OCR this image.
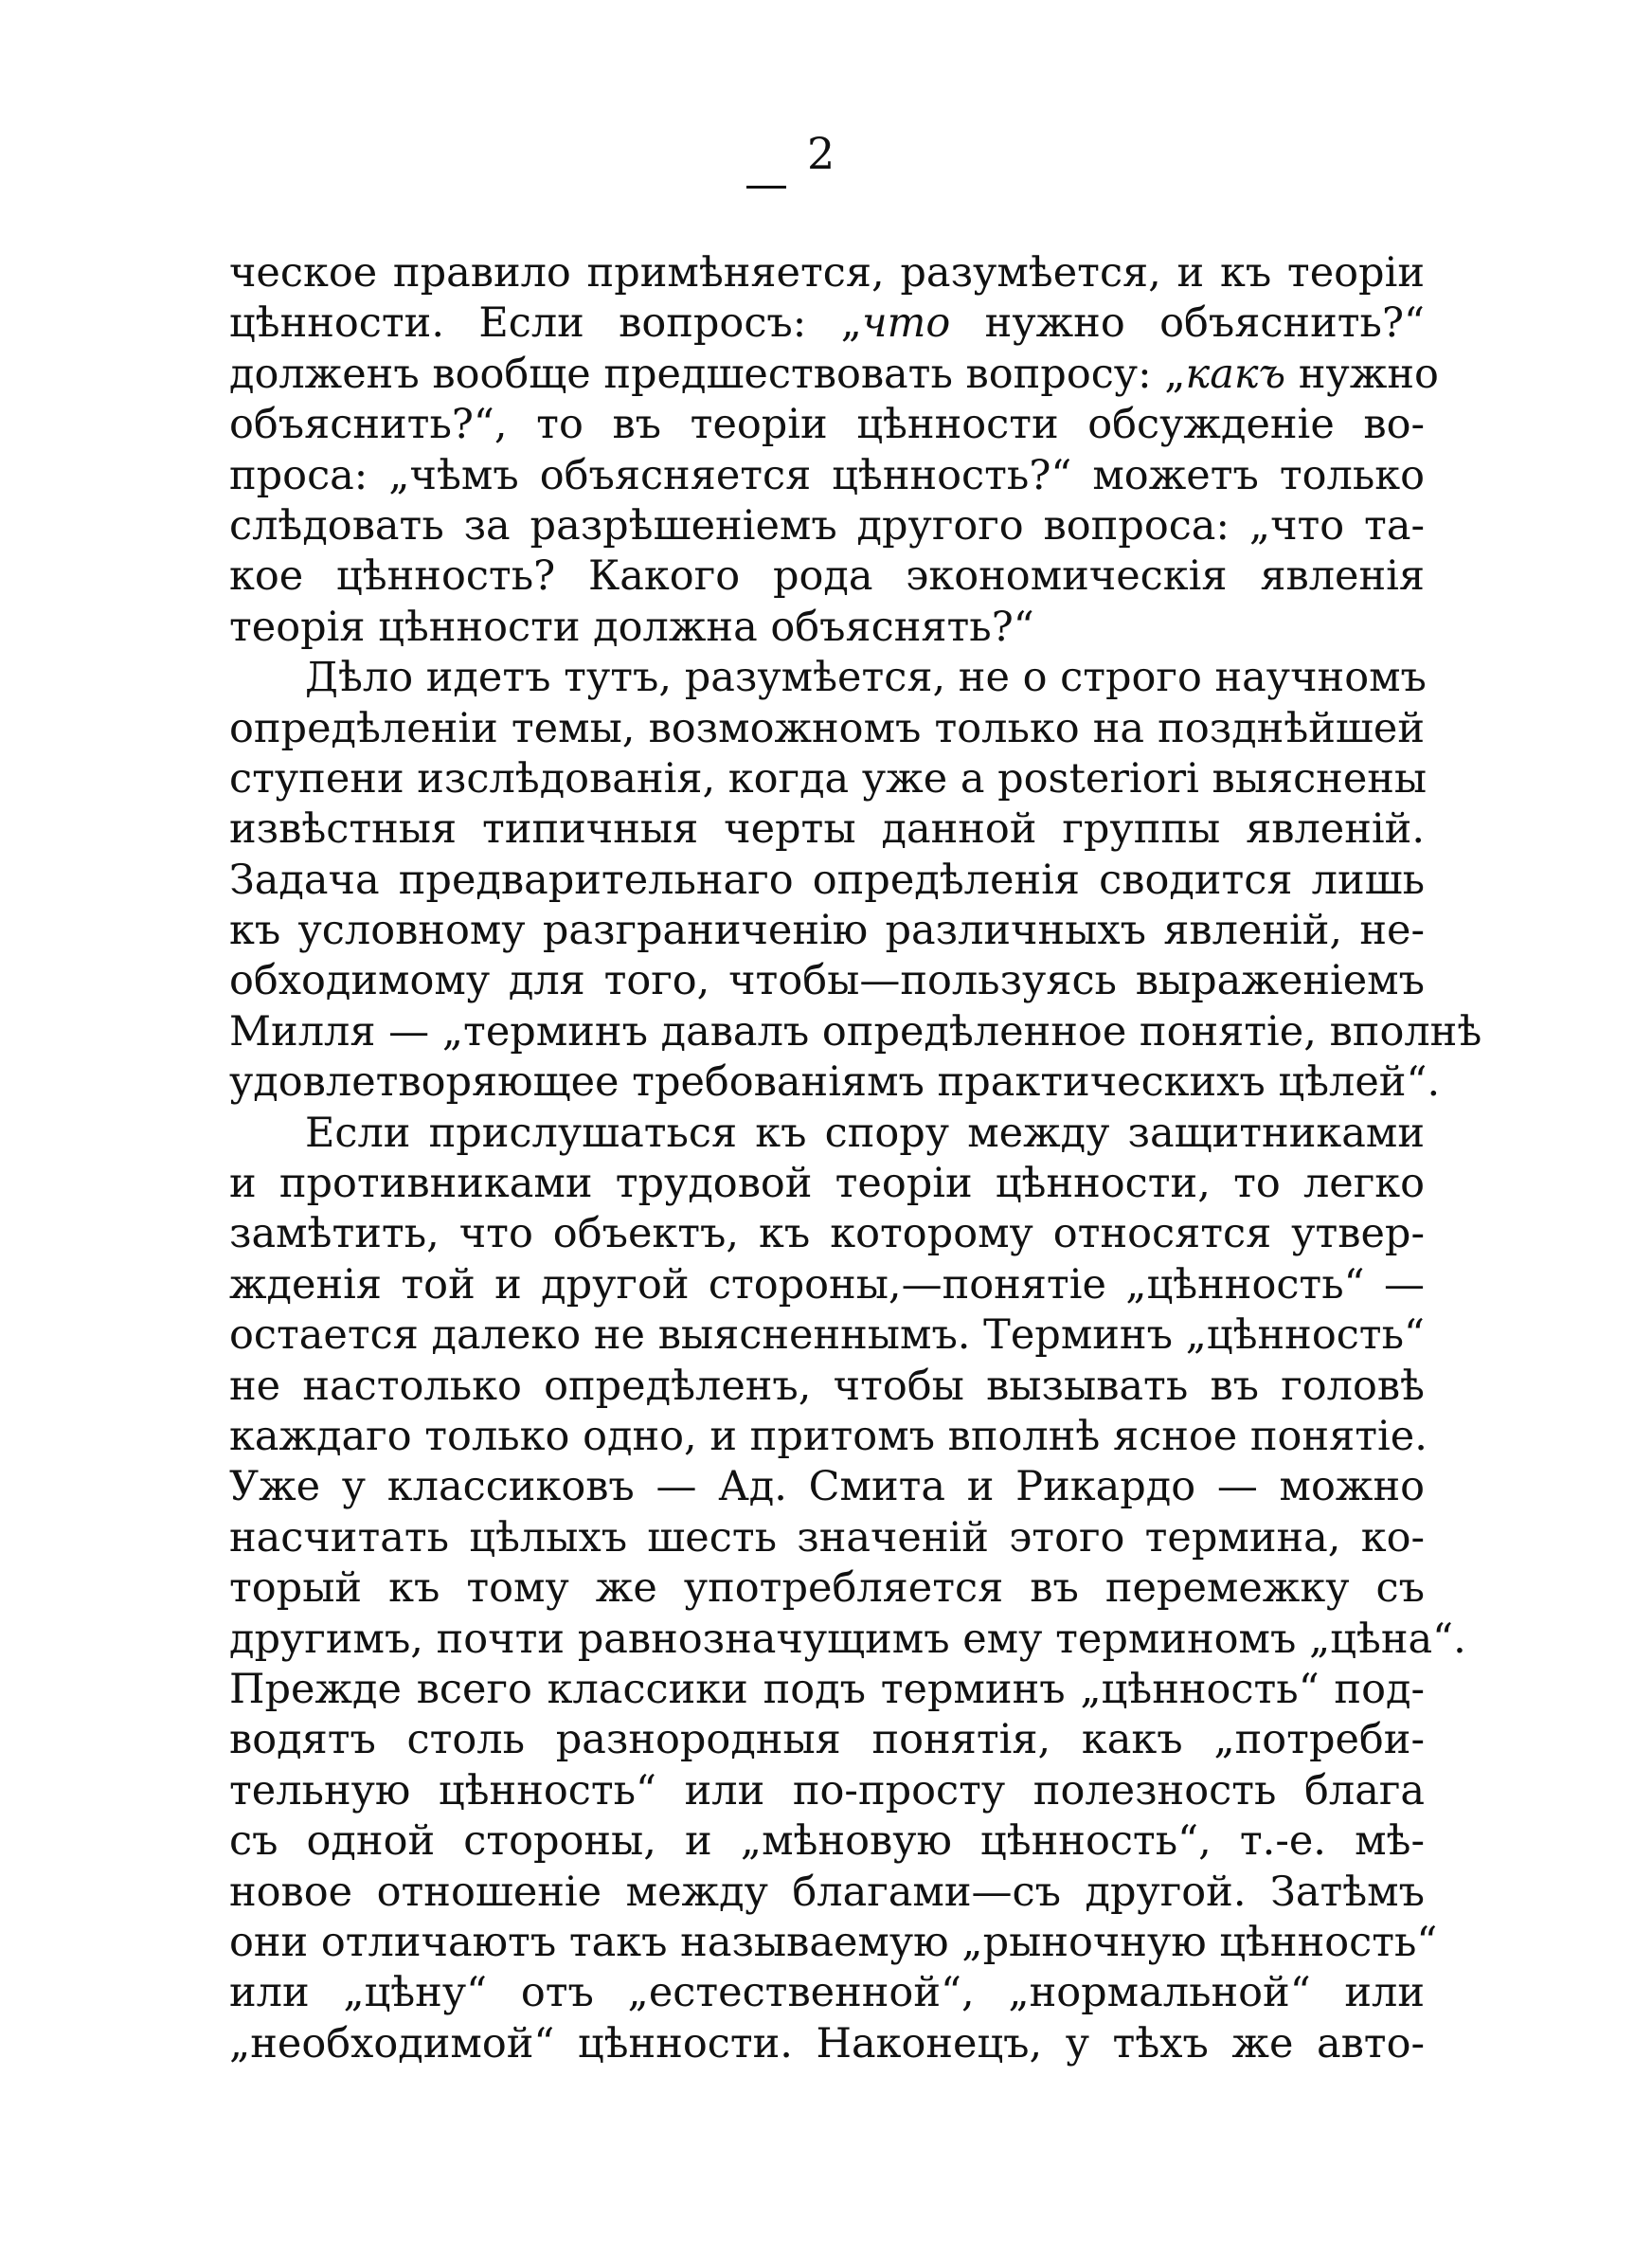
2
ческое правило примѣняется, разумѣется, и къ теоріи
цѣнности. Если вопросъ: „что нужно объяснить?“
долженъ вообще предшествовать вопросу: „какъ нужно
объяснить?“, то въ теоріи цѣнности обсужденіе во-
проса: „чѣмъ объясняется цѣнность?“ можетъ только
слѣдовать за разрѣшеніемъ другого вопроса: „что та-
кое цѣнность? Какого рода экономическія явленія
теорія цѣнности должна объяснять?“
Дѣло идетъ тутъ, разумѣется, не о строго научномъ
опредѣленіи темы, возможномъ только на позднѣйшей
ступени изслѣдованія, когда уже a posteriori выяснены
извѣстныя типичныя черты данной группы явленій.
Задача предварительнаго опредѣленія сводится лишь
къ условному разграниченію различныхъ явленій, не-
обходимому для того, чтобы—пользуясь выраженіемъ
Милля — „терминъ давалъ опредѣленное понятіе, вполнѣ
удовлетворяющее требованіямъ практическихъ цѣлей“.
Если прислушаться къ спору между защитниками
и противниками трудовой теоріи цѣнности, то легко
замѣтить, что объектъ, къ которому относятся утвер-
жденія той и другой стороны,—понятіе „цѣнность“ —
остается далеко не выясненнымъ. Терминъ „цѣнность“
не настолько опредѣленъ, чтобы вызывать въ головѣ
каждаго только одно, и притомъ вполнѣ ясное понятіе.
Уже у классиковъ — Ад. Смита и Рикардо — можно
насчитать цѣлыхъ шесть значеній этого термина, ко-
торый къ тому же употребляется въ перемежку съ
другимъ, почти равнозначущимъ ему терминомъ „цѣна“.
Прежде всего классики подъ терминъ „цѣнность“ под-
водятъ столь разнородныя понятія, какъ „потреби-
тельную цѣнность“ или по-просту полезность блага
съ одной стороны, и „мѣновую цѣнность“, т.-е. мѣ-
новое отношеніе между благами—съ другой. Затѣмъ
они отличаютъ такъ называемую „рыночную цѣнность“
или „цѣну“ отъ „естественной“, „нормальной“ или
„необходимой“ цѣнности. Наконецъ, у тѣхъ же авто-
